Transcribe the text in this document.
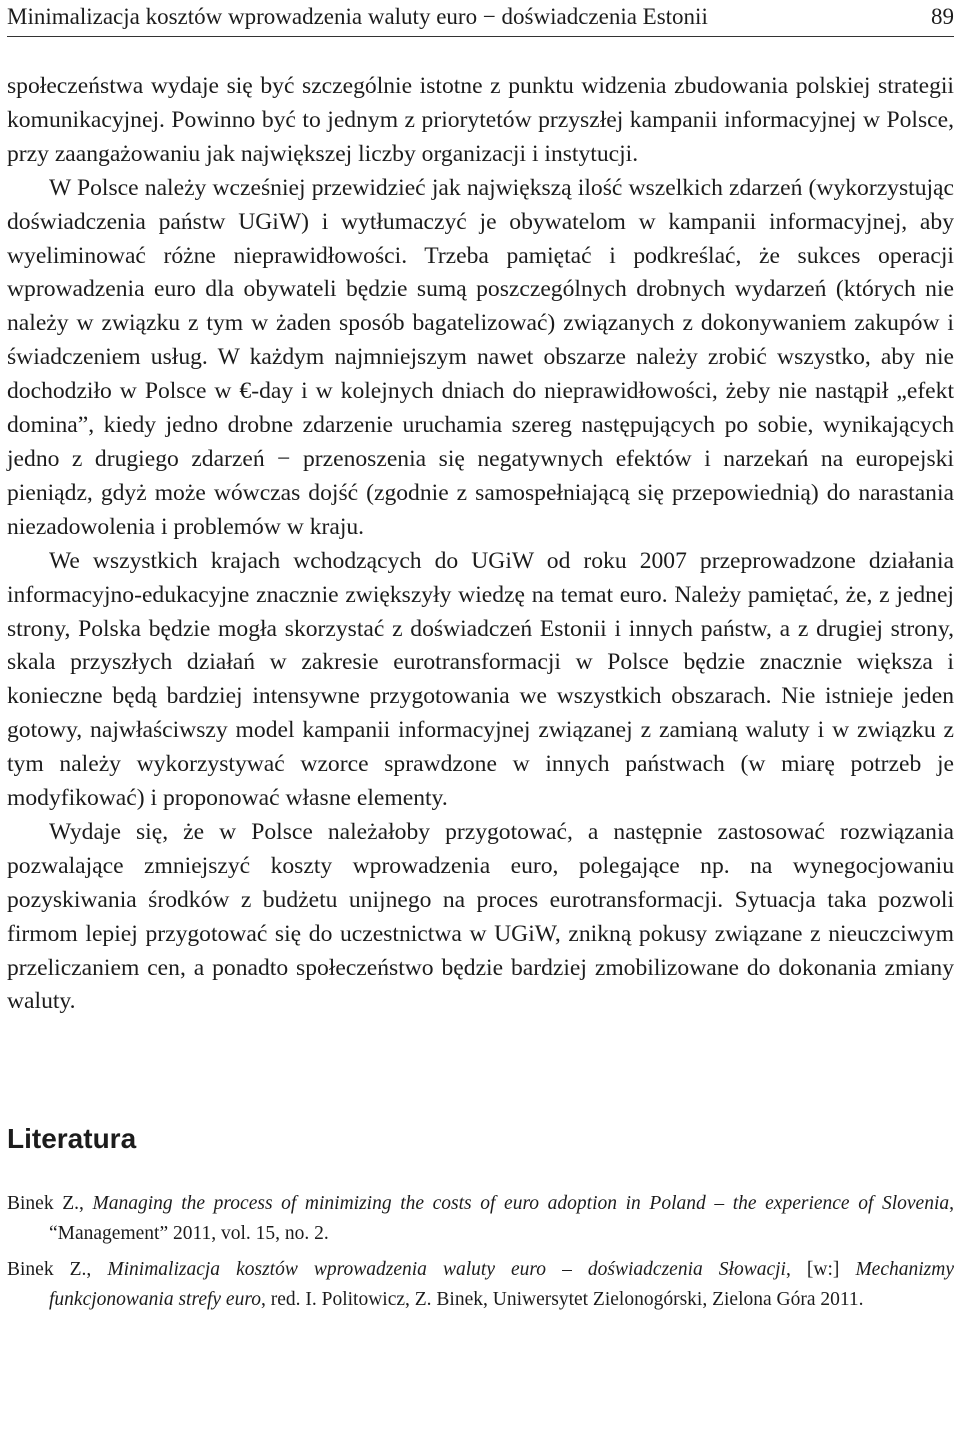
Minimalizacja kosztów wprowadzenia waluty euro − doświadczenia Estonii	89

społeczeństwa wydaje się być szczególnie istotne z punktu widzenia zbudowania polskiej strategii komunikacyjnej. Powinno być to jednym z priorytetów przyszłej kampanii informacyjnej w Polsce, przy zaangażowaniu jak największej liczby organizacji i instytucji.

W Polsce należy wcześniej przewidzieć jak największą ilość wszelkich zdarzeń (wykorzystując doświadczenia państw UGiW) i wytłumaczyć je obywatelom w kampanii informacyjnej, aby wyeliminować różne nieprawidłowości. Trzeba pamiętać i podkreślać, że sukces operacji wprowadzenia euro dla obywateli będzie sumą poszczególnych drobnych wydarzeń (których nie należy w związku z tym w żaden sposób bagatelizować) związanych z dokonywaniem zakupów i świadczeniem usług. W każdym najmniejszym nawet obszarze należy zrobić wszystko, aby nie dochodziło w Polsce w €-day i w kolejnych dniach do nieprawidłowości, żeby nie nastąpił „efekt domina”, kiedy jedno drobne zdarzenie uruchamia szereg następujących po sobie, wynikających jedno z drugiego zdarzeń − przenoszenia się negatywnych efektów i narzekań na europejski pieniądz, gdyż może wówczas dojść (zgodnie z samospełniającą się przepowiednią) do narastania niezadowolenia i problemów w kraju.

We wszystkich krajach wchodzących do UGiW od roku 2007 przeprowadzone działania informacyjno-edukacyjne znacznie zwiększyły wiedzę na temat euro. Należy pamiętać, że, z jednej strony, Polska będzie mogła skorzystać z doświadczeń Estonii i innych państw, a z drugiej strony, skala przyszłych działań w zakresie eurotransformacji w Polsce będzie znacznie większa i konieczne będą bardziej intensywne przygotowania we wszystkich obszarach. Nie istnieje jeden gotowy, najwłaściwszy model kampanii informacyjnej związanej z zamianą waluty i w związku z tym należy wykorzystywać wzorce sprawdzone w innych państwach (w miarę potrzeb je modyfikować) i proponować własne elementy.

Wydaje się, że w Polsce należałoby przygotować, a następnie zastosować rozwiązania pozwalające zmniejszyć koszty wprowadzenia euro, polegające np. na wynegocjowaniu pozyskiwania środków z budżetu unijnego na proces eurotransformacji. Sytuacja taka pozwoli firmom lepiej przygotować się do uczestnictwa w UGiW, znikną pokusy związane z nieuczciwym przeliczaniem cen, a ponadto społeczeństwo będzie bardziej zmobilizowane do dokonania zmiany waluty.

Literatura
Binek Z., Managing the process of minimizing the costs of euro adoption in Poland – the experience of Slovenia, “Management” 2011, vol. 15, no. 2.
Binek Z., Minimalizacja kosztów wprowadzenia waluty euro – doświadczenia Słowacji, [w:] Mechanizmy funkcjonowania strefy euro, red. I. Politowicz, Z. Binek, Uniwersytet Zielonogórski, Zielona Góra 2011.
